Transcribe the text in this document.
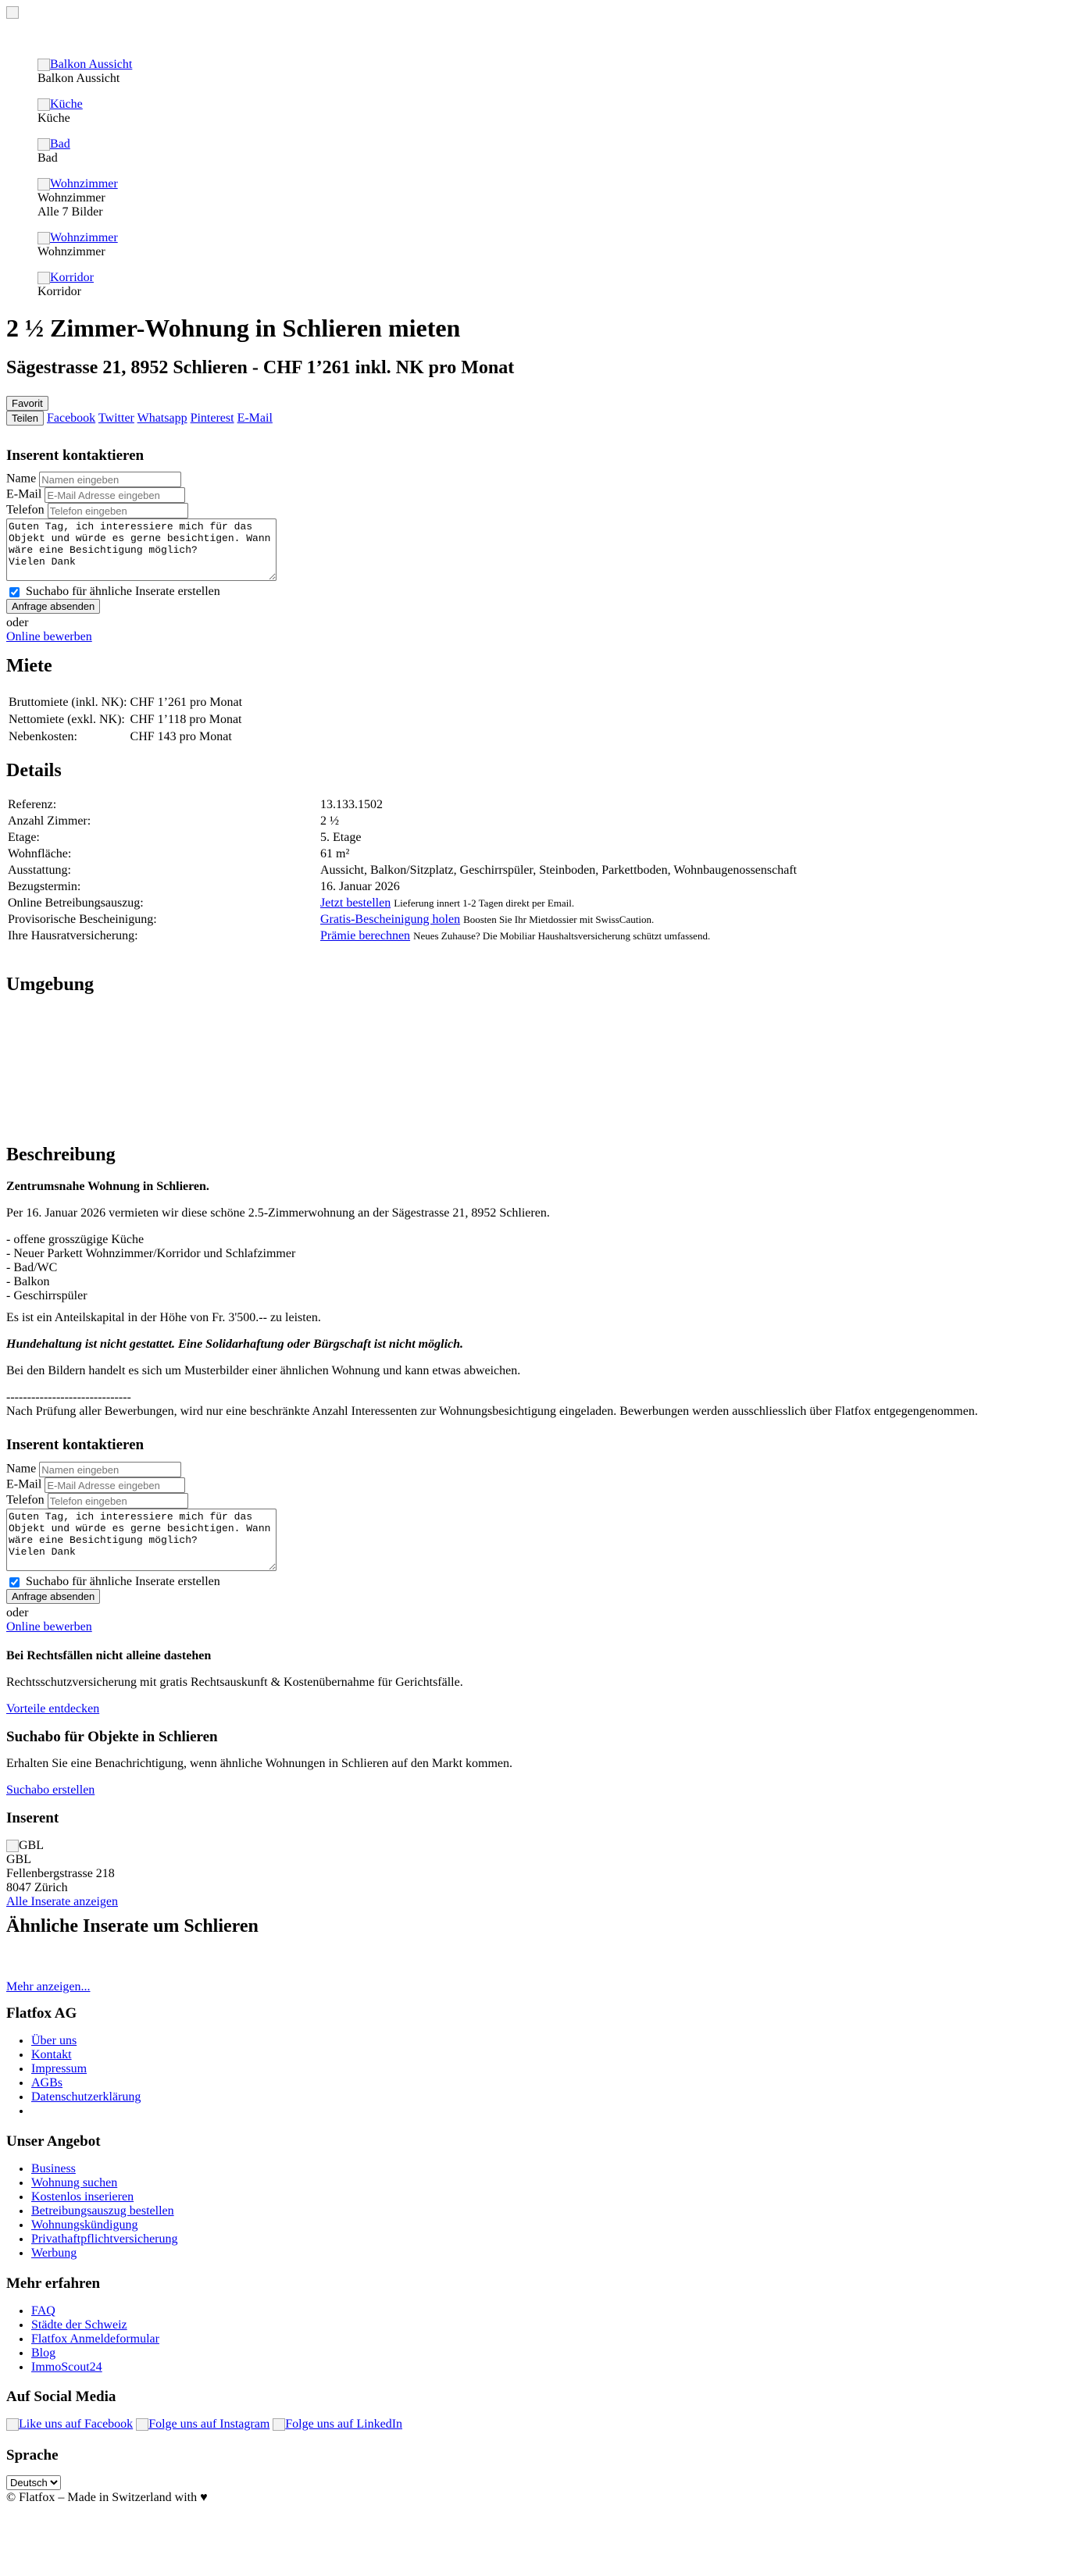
Balkon Aussicht
Balkon Aussicht
Küche
Küche
Bad
Bad
Wohnzimmer
Wohnzimmer
Alle 7 Bilder
Wohnzimmer
Wohnzimmer
Korridor
Korridor
2 ½ Zimmer-Wohnung in Schlieren mieten
Sägestrasse 21, 8952 Schlieren - CHF 1’261 inkl. NK pro Monat
Favorit
Teilen Facebook Twitter Whatsapp Pinterest E-Mail
Inserent kontaktieren
Name Namen eingeben
E-Mail E-Mail Adresse eingeben
Telefon Telefon eingeben
Guten Tag, ich interessiere mich für das Objekt und würde es gerne besichtigen. Wann wäre eine Besichtigung möglich? Vielen Dank
Suchabo für ähnliche Inserate erstellen
Anfrage absenden
oder
Online bewerben
Miete
Bruttomiete (inkl. NK):	CHF 1’261 pro Monat
Nettomiete (exkl. NK):	CHF 1’118 pro Monat
Nebenkosten:	CHF 143 pro Monat
Details
Referenz:	13.133.1502
Anzahl Zimmer:	2 ½
Etage:	5. Etage
Wohnfläche:	61 m²
Ausstattung:	Aussicht, Balkon/Sitzplatz, Geschirrspüler, Steinboden, Parkettboden, Wohnbaugenossenschaft
Bezugstermin:	16. Januar 2026
Online Betreibungsauszug:	Jetzt bestellen Lieferung innert 1-2 Tagen direkt per Email.
Provisorische Bescheinigung:	Gratis-Bescheinigung holen Boosten Sie Ihr Mietdossier mit SwissCaution.
Ihre Hausratversicherung:	Prämie berechnen Neues Zuhause? Die Mobiliar Haushaltsversicherung schützt umfassend.
Umgebung
Beschreibung

Zentrumsnahe Wohnung in Schlieren.

Per 16. Januar 2026 vermieten wir diese schöne 2.5-Zimmerwohnung an der Sägestrasse 21, 8952 Schlieren.

- offene grosszügige Küche
- Neuer Parkett Wohnzimmer/Korridor und Schlafzimmer
- Bad/WC
- Balkon
- Geschirrspüler

Es ist ein Anteilskapital in der Höhe von Fr. 3'500.-- zu leisten.

Hundehaltung ist nicht gestattet. Eine Solidarhaftung oder Bürgschaft ist nicht möglich.

Bei den Bildern handelt es sich um Musterbilder einer ähnlichen Wohnung und kann etwas abweichen.

------------------------------

Nach Prüfung aller Bewerbungen, wird nur eine beschränkte Anzahl Interessenten zur Wohnungsbesichtigung eingeladen. Bewerbungen werden ausschliesslich über Flatfox entgegengenommen.

Inserent kontaktieren
Name Namen eingeben
E-Mail E-Mail Adresse eingeben
Telefon Telefon eingeben
Guten Tag, ich interessiere mich für das Objekt und würde es gerne besichtigen. Wann wäre eine Besichtigung möglich? Vielen Dank
Suchabo für ähnliche Inserate erstellen
Anfrage absenden
oder
Online bewerben
Bei Rechtsfällen nicht alleine dastehen

Rechtsschutzversicherung mit gratis Rechtsauskunft & Kostenübernahme für Gerichtsfälle.

Vorteile entdecken
Suchabo für Objekte in Schlieren

Erhalten Sie eine Benachrichtigung, wenn ähnliche Wohnungen in Schlieren auf den Markt kommen.

Suchabo erstellen
Inserent
GBL
GBL
Fellenbergstrasse 218
8047 Zürich
Alle Inserate anzeigen
Ähnliche Inserate um Schlieren
Mehr anzeigen...
Flatfox AG
• Über uns
• Kontakt
• Impressum
• AGBs
• Datenschutzerklärung
•
Unser Angebot
• Business
• Wohnung suchen
• Kostenlos inserieren
• Betreibungsauszug bestellen
• Wohnungskündigung
• Privathaftpflichtversicherung
• Werbung
Mehr erfahren
• FAQ
• Städte der Schweiz
• Flatfox Anmeldeformular
• Blog
• ImmoScout24
Auf Social Media
Like uns auf Facebook Folge uns auf Instagram Folge uns auf LinkedIn
Sprache
Deutsch
© Flatfox – Made in Switzerland with ♥
